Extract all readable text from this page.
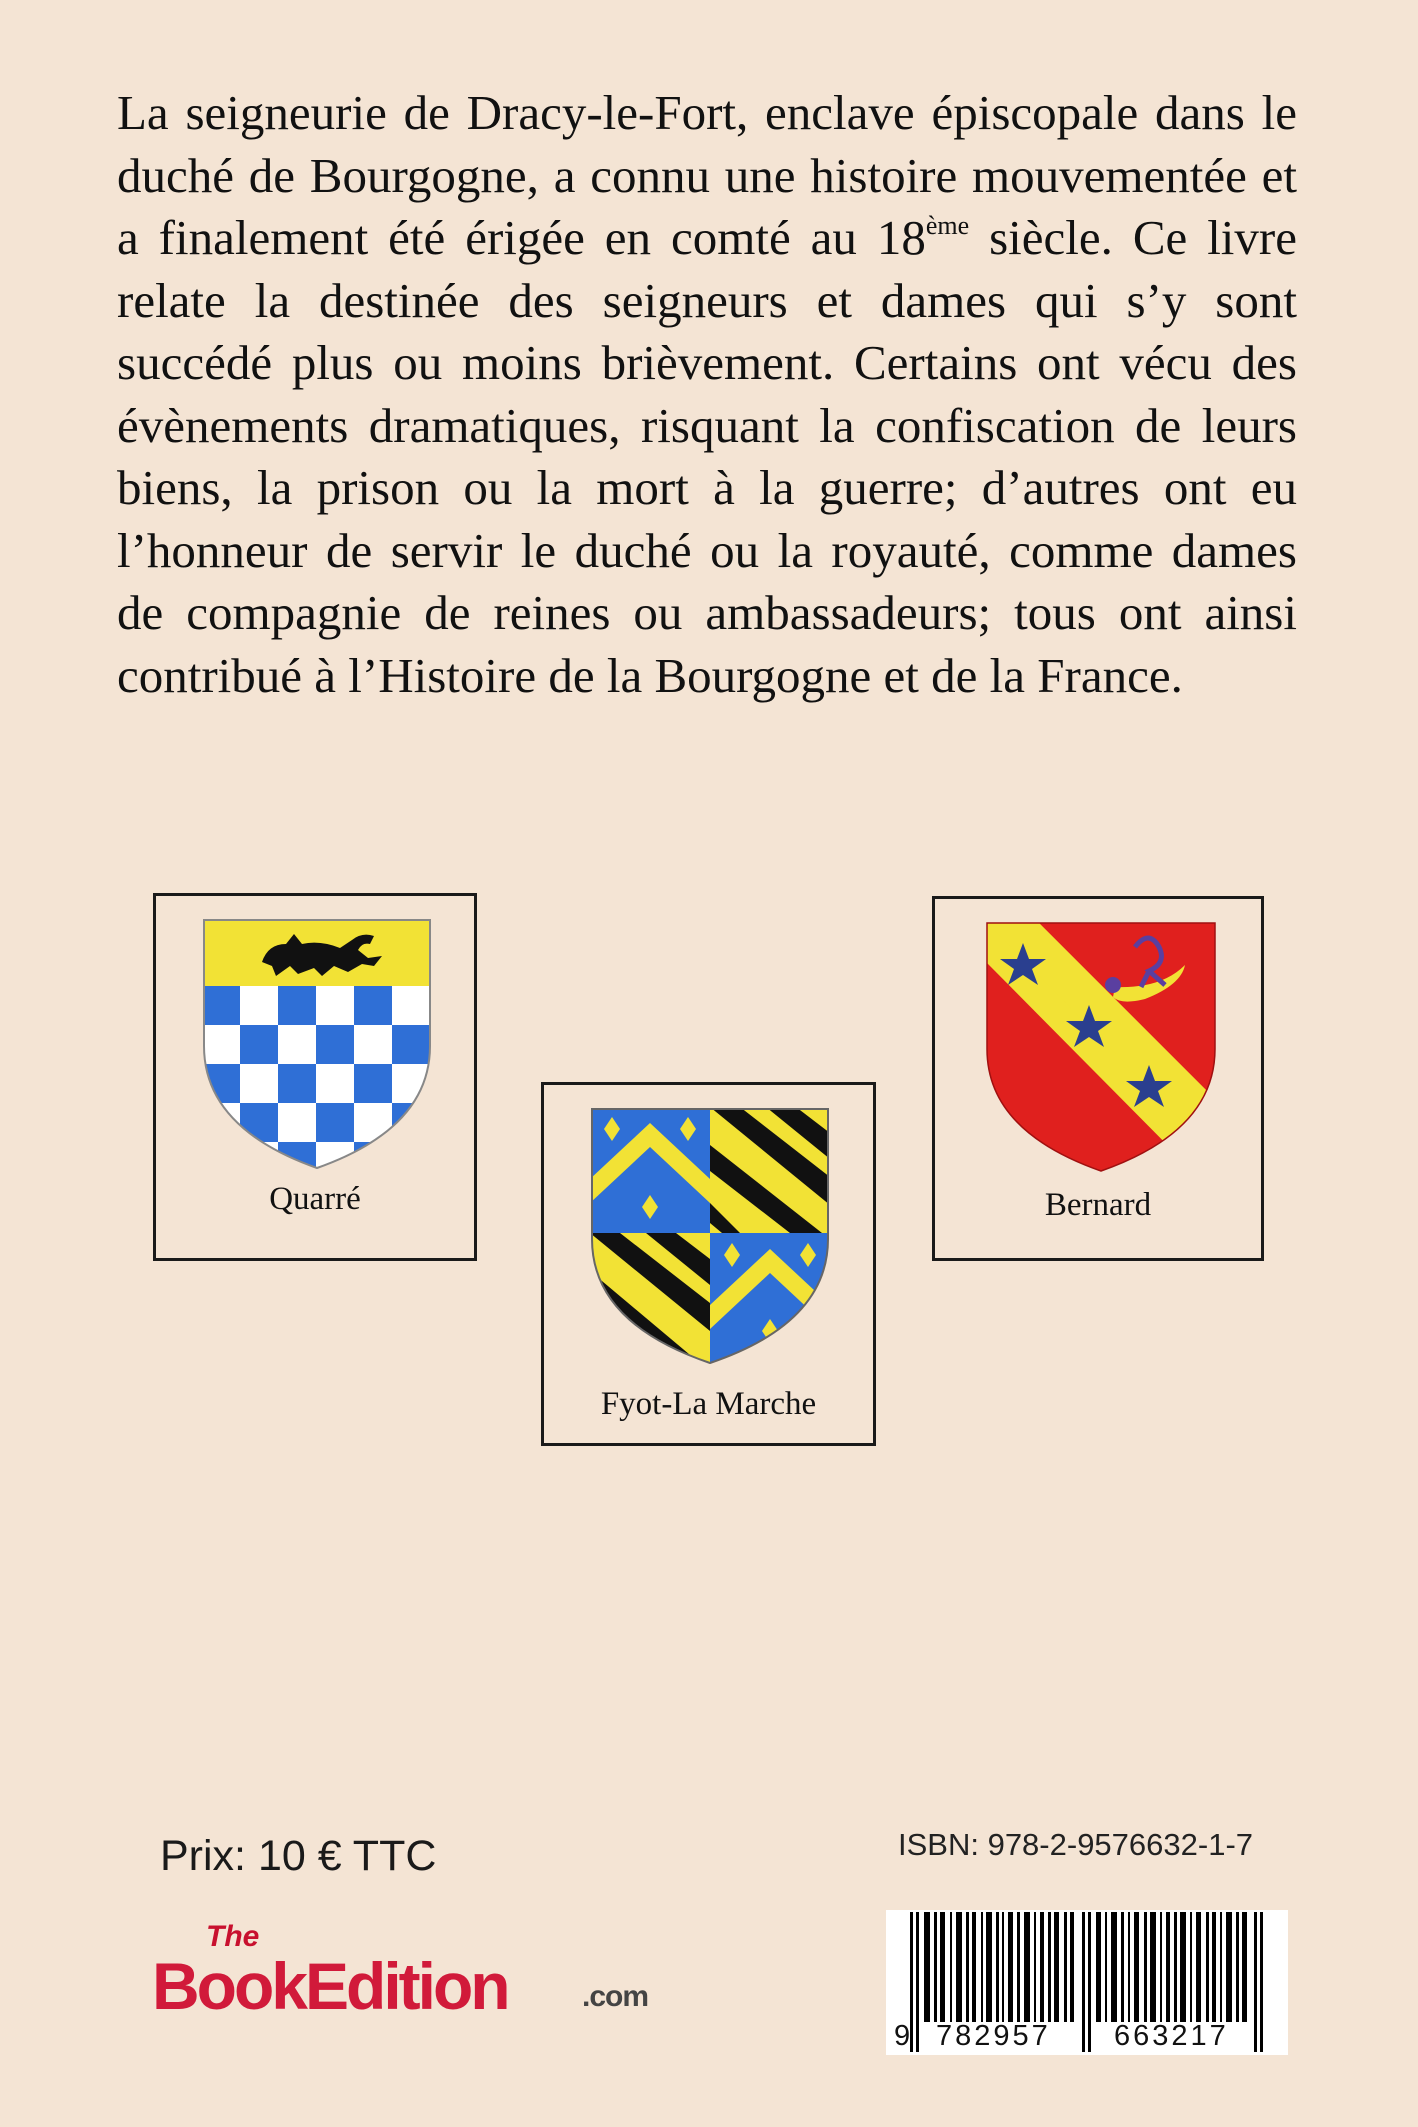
La seigneurie de Dracy-le-Fort, enclave épiscopale dans le duché de Bourgogne, a connu une histoire mouvementée et a finalement été érigée en comté au 18ème siècle. Ce livre relate la destinée des seigneurs et dames qui s’y sont succédé plus ou moins brièvement. Certains ont vécu des évènements dramatiques, risquant la confiscation de leurs biens, la prison ou la mort à la guerre; d’autres ont eu l’honneur de servir le duché ou la royauté, comme dames de compagnie de reines ou ambassadeurs; tous ont ainsi contribué à l’Histoire de la Bourgogne et de la France.

Quarré
Fyot-La Marche
Bernard
Prix: 10 € TTC	ISBN: 978-2-9576632-1-7
9 782957 663217
The
BookEdition .com
